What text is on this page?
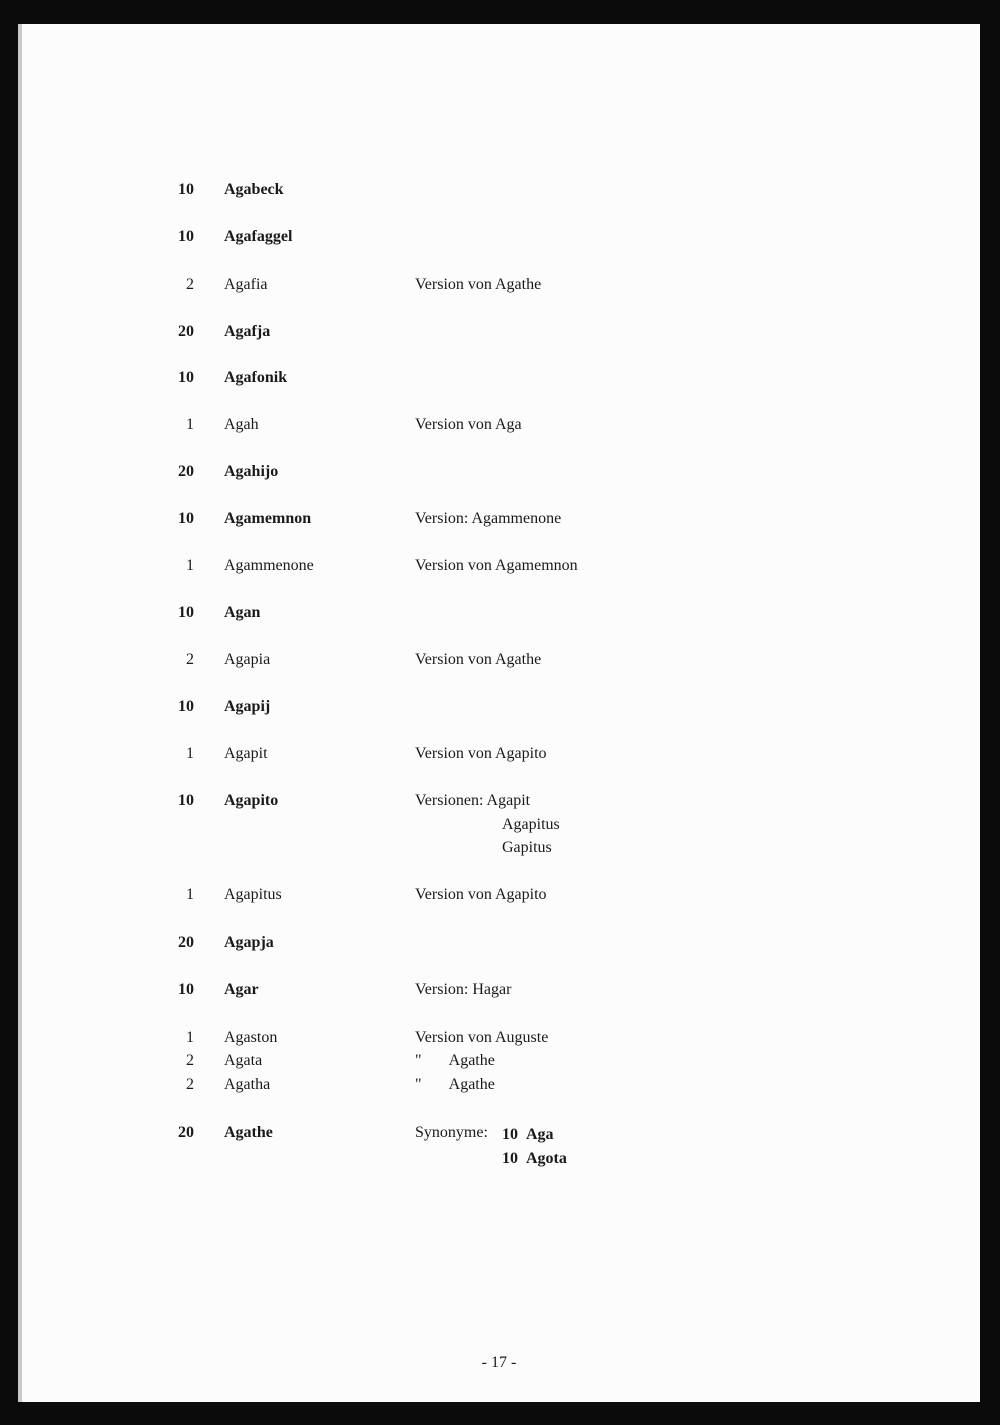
10 Agabeck
10 Agafaggel
2 Agafia	Version von Agathe
20 Agafja
10 Agafonik
1 Agah	Version von Aga
20 Agahijo
10 Agamemnon	Version: Agammenone
1 Agammenone	Version von Agamemnon
10 Agan
2 Agapia	Version von Agathe
10 Agapij
1 Agapit	Version von Agapito
10 Agapito	Versionen: Agapit
Agapitus
Gapitus
1 Agapitus	Version von Agapito
20 Agapja
10 Agar	Version: Hagar
1 Agaston	Version von Auguste
2 Agata	"       Agathe
2 Agatha	"       Agathe
20 Agathe	Synonyme: 10 Aga
10 Agota
- 17 -
